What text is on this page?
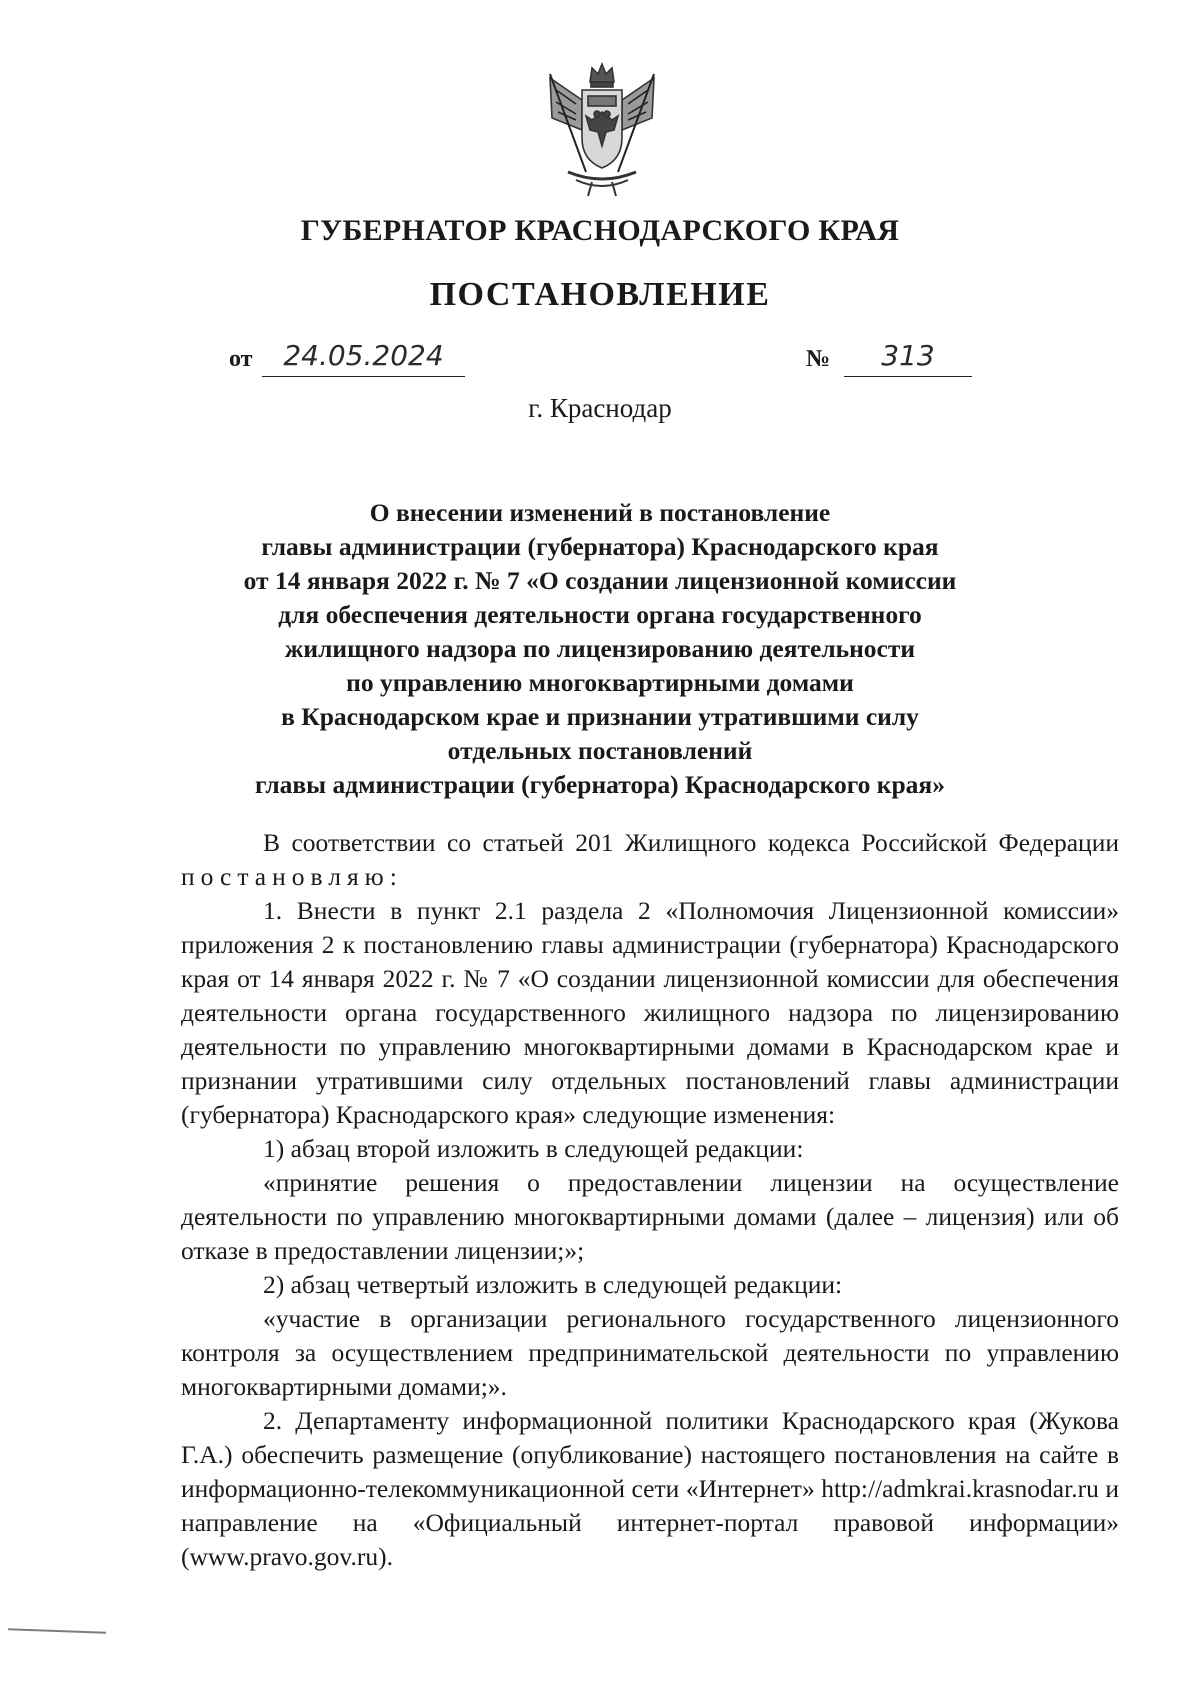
ГУБЕРНАТОР КРАСНОДАРСКОГО КРАЯ
ПОСТАНОВЛЕНИЕ
от	24.05.2024	№	313
г. Краснодар
О внесении изменений в постановление
главы администрации (губернатора) Краснодарского края
от 14 января 2022 г. № 7 «О создании лицензионной комиссии
для обеспечения деятельности органа государственного
жилищного надзора по лицензированию деятельности
по управлению многоквартирными домами
в Краснодарском крае и признании утратившими силу
отдельных постановлений
главы администрации (губернатора) Краснодарского края»

В соответствии со статьей 201 Жилищного кодекса Российской Федерации постановляю:

1. Внести в пункт 2.1 раздела 2 «Полномочия Лицензионной комиссии» приложения 2 к постановлению главы администрации (губернатора) Краснодарского края от 14 января 2022 г. № 7 «О создании лицензионной комиссии для обеспечения деятельности органа государственного жилищного надзора по лицензированию деятельности по управлению многоквартирными домами в Краснодарском крае и признании утратившими силу отдельных постановлений главы администрации (губернатора) Краснодарского края» следующие изменения:

1) абзац второй изложить в следующей редакции:

«принятие решения о предоставлении лицензии на осуществление деятельности по управлению многоквартирными домами (далее – лицензия) или об отказе в предоставлении лицензии;»;

2) абзац четвертый изложить в следующей редакции:

«участие в организации регионального государственного лицензионного контроля за осуществлением предпринимательской деятельности по управлению многоквартирными домами;».

2. Департаменту информационной политики Краснодарского края (Жукова Г.А.) обеспечить размещение (опубликование) настоящего постановления на сайте в информационно-телекоммуникационной сети «Интернет» http://admkrai.krasnodar.ru и направление на «Официальный интернет-портал правовой информации» (www.pravo.gov.ru).
